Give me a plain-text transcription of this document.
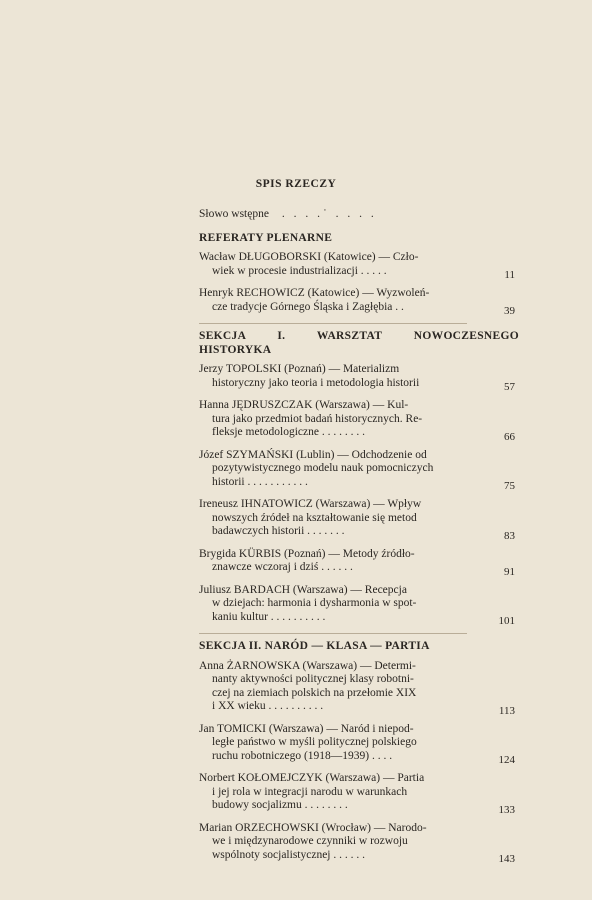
SPIS RZECZY
Słowo wstępne . . . .˙ . . . .
REFERATY PLENARNE
Wacław DŁUGOBORSKI (Katowice) — Czło-
wiek w procesie industrializacji . . . . .	11
Henryk RECHOWICZ (Katowice) — Wyzwoleń-
cze tradycje Górnego Śląska i Zagłębia . .	39
SEKCJA I. WARSZTAT NOWOCZESNEGO
HISTORYKA
Jerzy TOPOLSKI (Poznań) — Materializm
historyczny jako teoria i metodologia historii	57
Hanna JĘDRUSZCZAK (Warszawa) — Kul-
tura jako przedmiot badań historycznych. Re-
fleksje metodologiczne . . . . . . . .	66
Józef SZYMAŃSKI (Lublin) — Odchodzenie od
pozytywistycznego modelu nauk pomocniczych
historii . . . . . . . . . . .	75
Ireneusz IHNATOWICZ (Warszawa) — Wpływ
nowszych źródeł na kształtowanie się metod
badawczych historii . . . . . . .	83
Brygida KÜRBIS (Poznań) — Metody źródło-
znawcze wczoraj i dziś . . . . . .	91
Juliusz BARDACH (Warszawa) — Recepcja
w dziejach: harmonia i dysharmonia w spot-
kaniu kultur . . . . . . . . . .	101
SEKCJA II. NARÓD — KLASA — PARTIA
Anna ŻARNOWSKA (Warszawa) — Determi-
nanty aktywności politycznej klasy robotni-
czej na ziemiach polskich na przełomie XIX
i XX wieku . . . . . . . . . .	113
Jan TOMICKI (Warszawa) — Naród i niepod-
ległe państwo w myśli politycznej polskiego
ruchu robotniczego (1918—1939) . . . .	124
Norbert KOŁOMEJCZYK (Warszawa) — Partia
i jej rola w integracji narodu w warunkach
budowy socjalizmu . . . . . . . .	133
Marian ORZECHOWSKI (Wrocław) — Narodo-
we i międzynarodowe czynniki w rozwoju
wspólnoty socjalistycznej . . . . . .	143
